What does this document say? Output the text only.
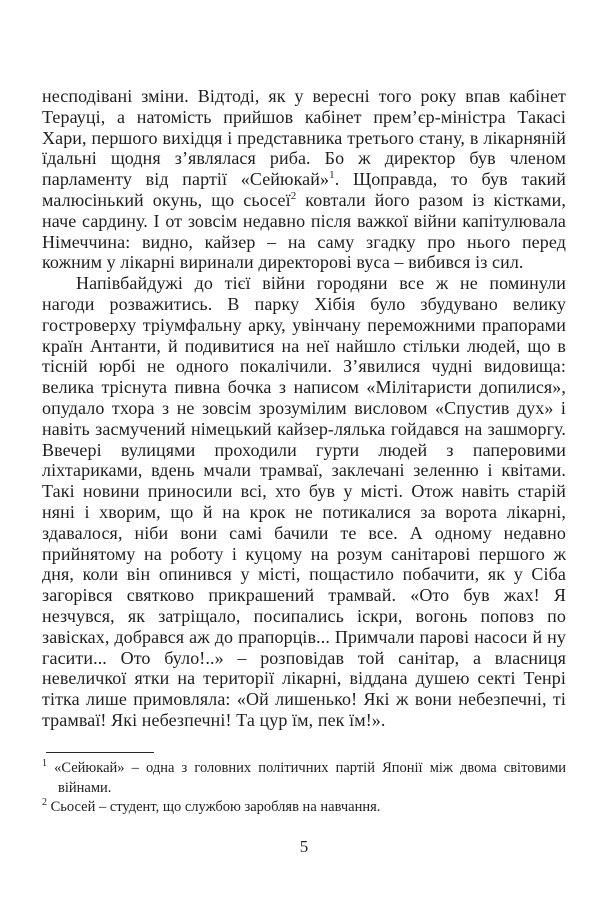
несподівані зміни. Відтоді, як у вересні того року впав кабінет Терауці, а натомість прийшов кабінет прем’єр-міністра Такасі Хари, першого вихідця і представника третього стану, в лікарняній їдальні щодня з’являлася риба. Бо ж директор був членом парламенту від партії «Сейюкай»$^1$. Щоправда, то був такий малюсінький окунь, що сьосеї$^2$ ковтали його разом із кістками, наче сардину. І от зовсім недавно після важкої війни капітулювала Німеччина: видно, кайзер – на саму згадку про нього перед кожним у лікарні виринали директорові вуса – вибився із сил.

Напівбайдужі до тієї війни городяни все ж не поминули нагоди розважитись. В парку Хібія було збудувано велику гостроверху тріумфальну арку, увінчану переможними прапорами країн Антанти, й подивитися на неї найшло стільки людей, що в тісній юрбі не одного покалічили. З’явилися чудні видовища: велика тріснута пивна бочка з написом «Мілітаристи допилися», опудало тхора з не зовсім зрозумілим висловом «Спустив дух» і навіть засмучений німецький кайзер-лялька гойдався на зашморгу. Ввечері вулицями проходили гурти людей з паперовими ліхтариками, вдень мчали трамваї, заклечані зеленню і квітами. Такі новини приносили всі, хто був у місті. Отож навіть старій няні і хворим, що й на крок не потикалися за ворота лікарні, здавалося, ніби вони самі бачили те все. А одному недавно прийнятому на роботу і куцому на розум санітарові першого ж дня, коли він опинився у місті, пощастило побачити, як у Сіба загорівся святково прикрашений трамвай. «Ото був жах! Я незчувся, як затріщало, посипались іскри, вогонь поповз по завісках, добрався аж до прапорців... Примчали парові насоси й ну гасити... Ото було!..» – розповідав той санітар, а власниця невеличкої ятки на території лікарні, віддана душею секті Тенрі тітка лише примовляла: «Ой лишенько! Які ж вони небезпечні, ті трамваї! Які небезпечні! Та цур їм, пек їм!».

$^1$ «Сейюкай» – одна з головних політичних партій Японії між двома світовими війнами.

$^2$ Сьосей – студент, що службою заробляв на навчання.

5
